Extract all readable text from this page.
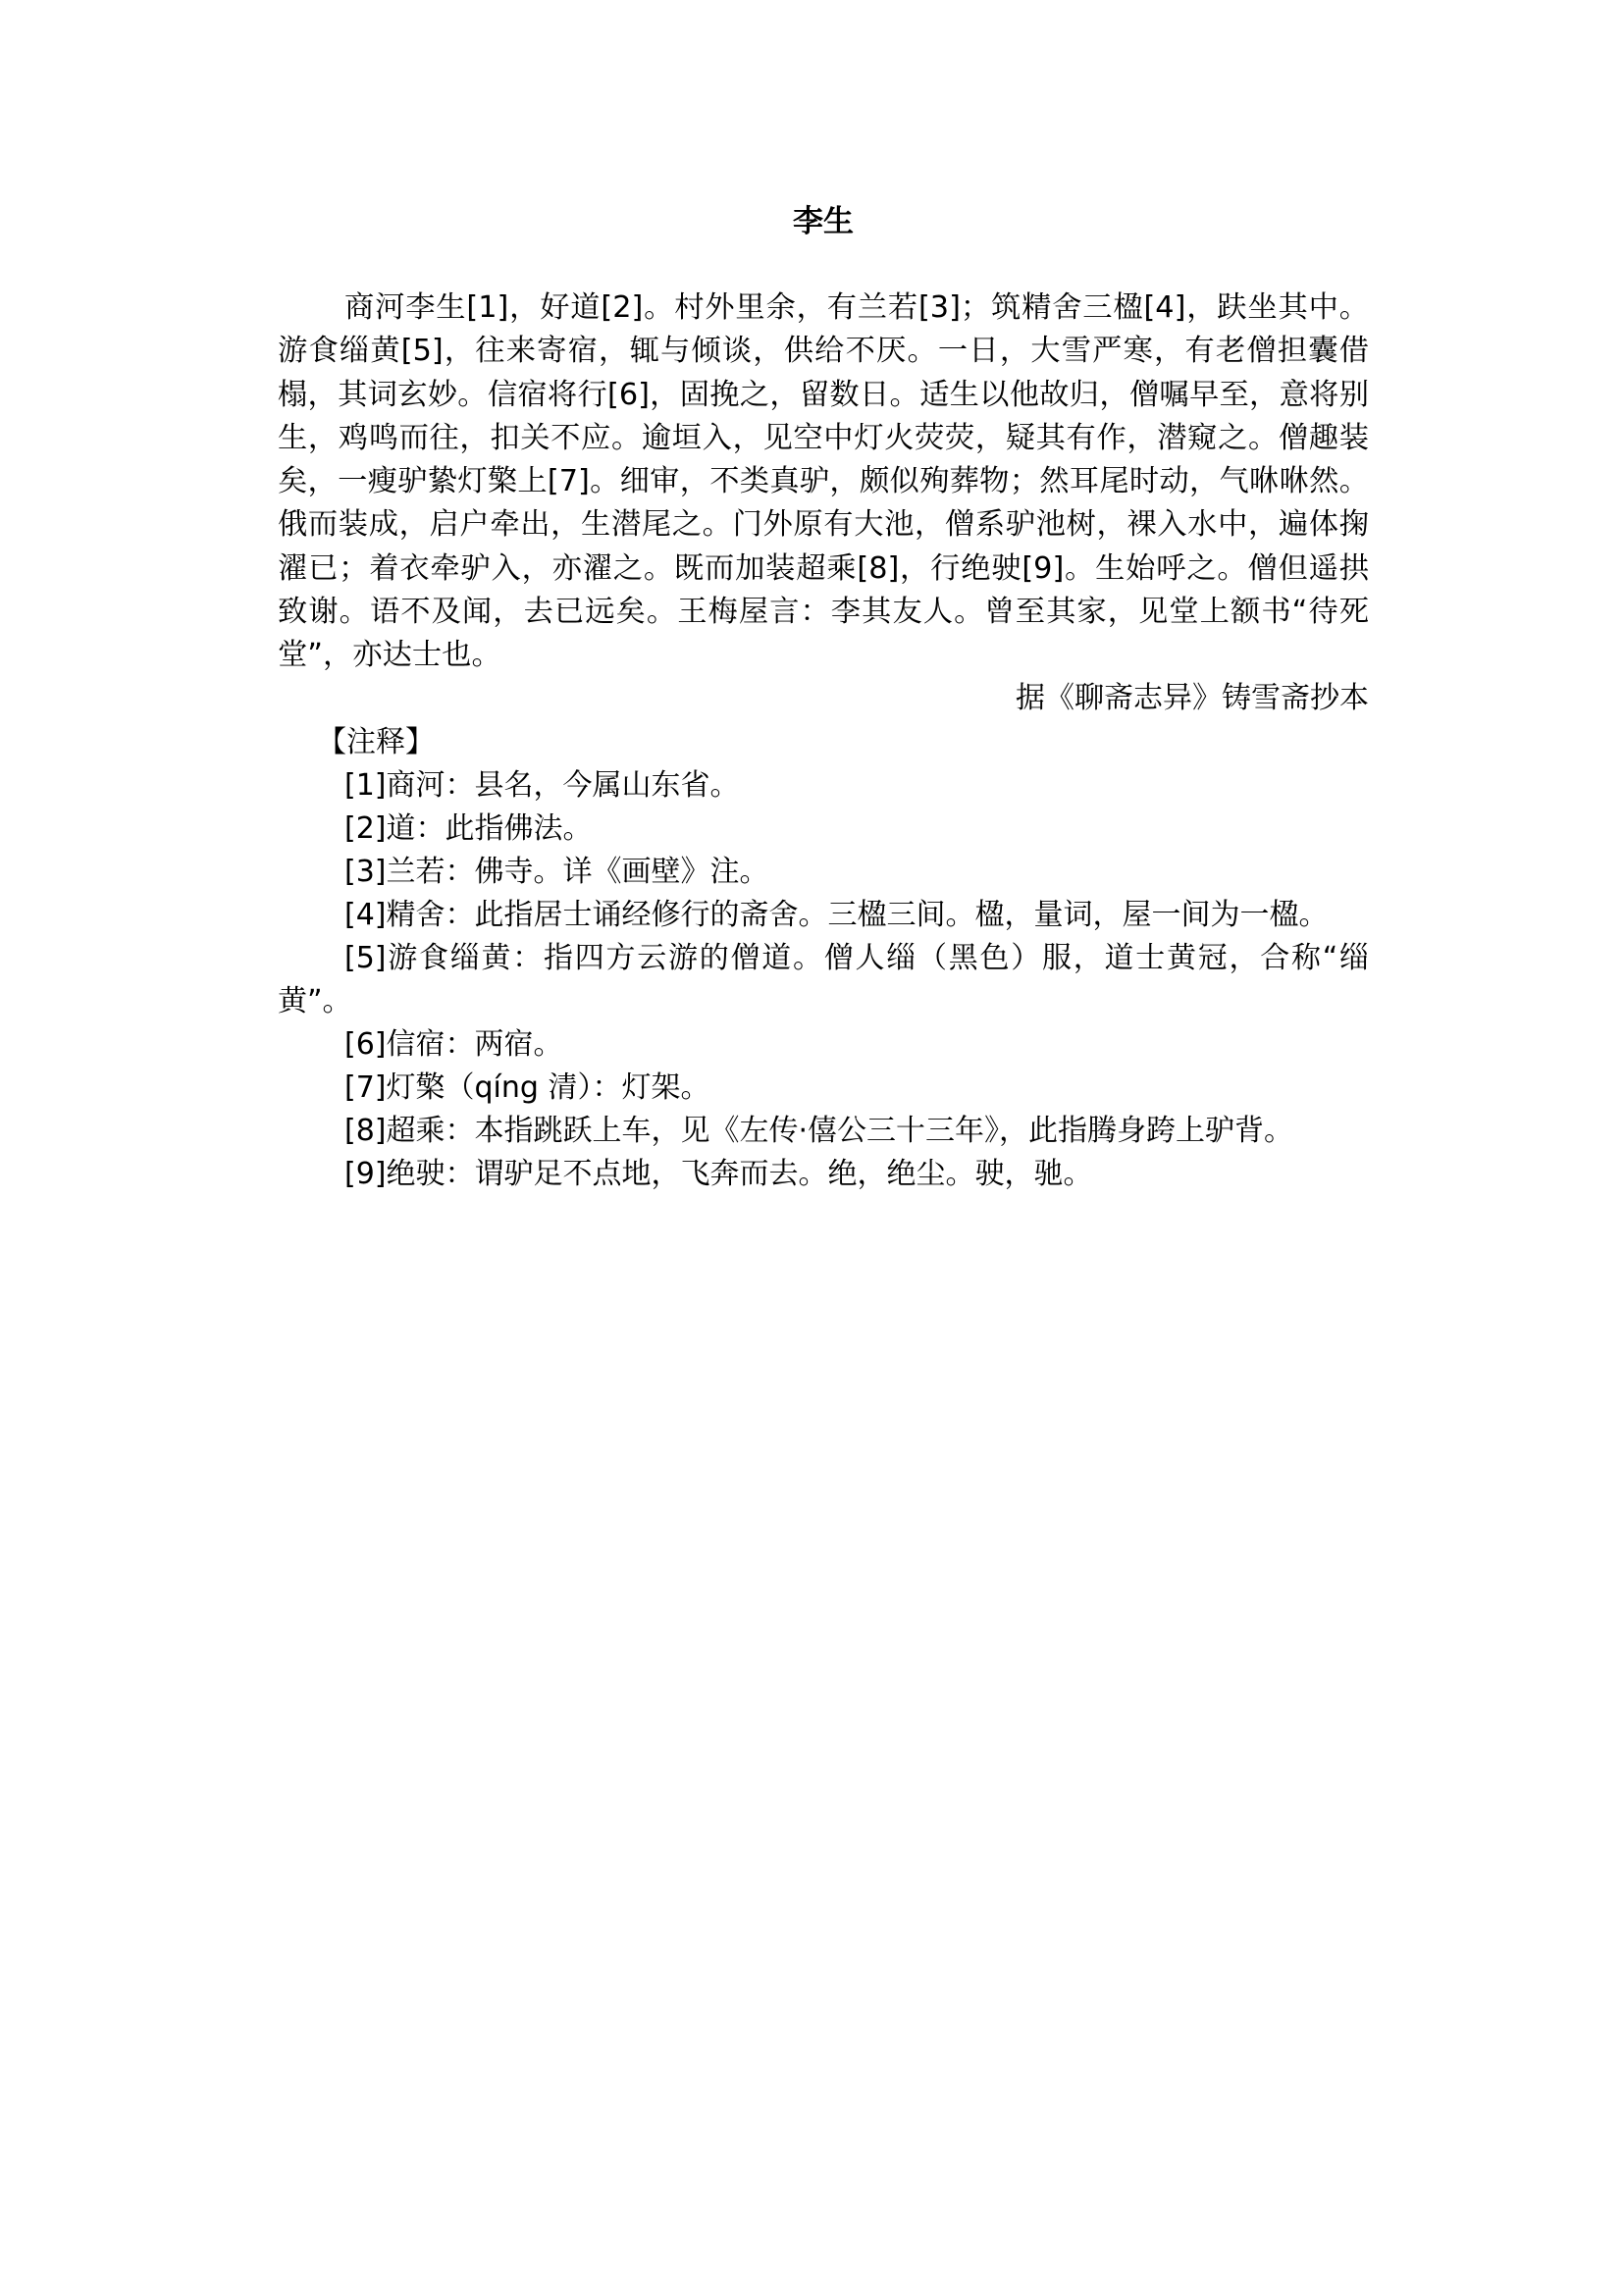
李生

商河李生[1]，好道[2]。村外里余，有兰若[3]；筑精舍三楹[4]，趺坐其中。游食缁黄[5]，往来寄宿，辄与倾谈，供给不厌。一日，大雪严寒，有老僧担囊借榻，其词玄妙。信宿将行[6]，固挽之，留数日。适生以他故归，僧嘱早至，意将别生，鸡鸣而往，扣关不应。逾垣入，见空中灯火荧荧，疑其有作，潜窥之。僧趣装矣，一瘦驴絷灯檠上[7]。细审，不类真驴，颇似殉葬物；然耳尾时动，气咻咻然。俄而装成，启户牵出，生潜尾之。门外原有大池，僧系驴池树，裸入水中，遍体掬濯已；着衣牵驴入，亦濯之。既而加装超乘[8]，行绝驶[9]。生始呼之。僧但遥拱致谢。语不及闻，去已远矣。王梅屋言：李其友人。曾至其家，见堂上额书“待死堂”，亦达士也。

据《聊斋志异》铸雪斋抄本

【注释】

[1]商河：县名，今属山东省。

[2]道：此指佛法。

[3]兰若：佛寺。详《画壁》注。

[4]精舍：此指居士诵经修行的斋舍。三楹三间。楹，量词，屋一间为一楹。

[5]游食缁黄：指四方云游的僧道。僧人缁（黑色）服，道士黄冠，合称“缁黄”。

[6]信宿：两宿。

[7]灯檠（qíng 清）：灯架。

[8]超乘：本指跳跃上车，见《左传·僖公三十三年》，此指腾身跨上驴背。

[9]绝驶：谓驴足不点地，飞奔而去。绝，绝尘。驶，驰。
